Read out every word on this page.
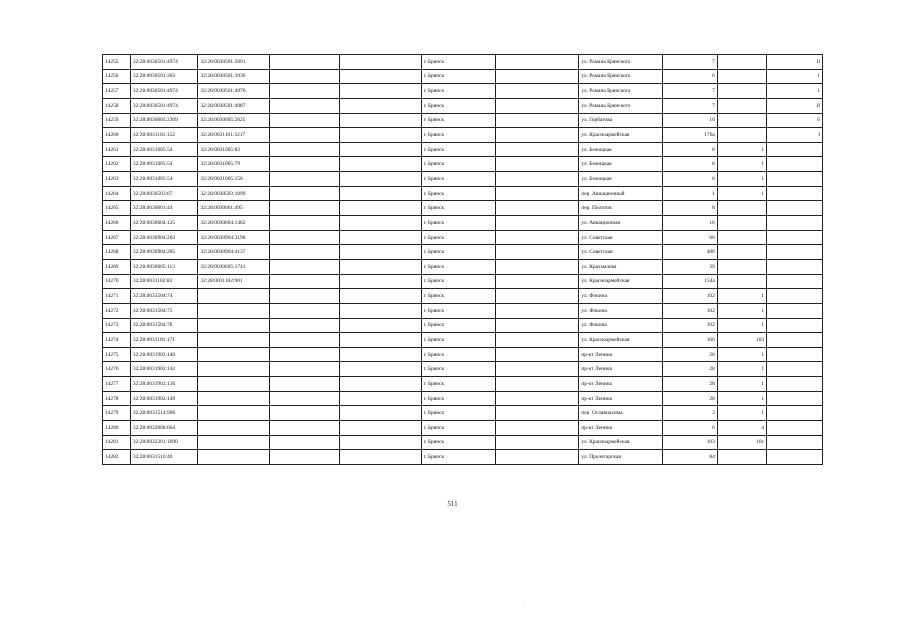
14255	32:28:0030501:4974	32:28:0030501:5001			г. Брянск		ул. Романа Брянского	7		Il
14256	32:28:0030501:303	32:28:0030501:3036			г. Брянск		ул. Романа Брянского	6		1
14257	32:28:0030501:4974	32:28:0030501:4976			г. Брянск		ул. Романа Брянского	7		1
14258	32:28:0030501:4974	32:28:0030501:4987			г. Брянск		ул. Романа Брянского	7		II
14259	32:28:0030605:2309	32:28:0030605:2625			г. Брянск		ул. Горбатова	10		6
14260	32:28:0031101:152	32:28:0031101:3217			г. Брянск		ул. Красноармейская	170а		I
14261	32:28:0031005:54	32:28:0031005:82			г. Брянск		ул. Бежицкая	8	1	
14262	32:28:0031005:54	32:28:0031005:79			г. Брянск		ул. Бежицкая	8	1	
14263	32:28:0031005:54	32:28:0031005:156			г. Брянск		ул. Бежицкая	8	1	
14264	32:28:0030503:67	32:28:0030503:1099			г. Брянск		пер. Авиационный	1	1	
14265	32:28:0030601:44	32:28:0030601:495			г. Брянск		пер. Пилотов	8		
14266	32:28:0030604:125	32:28:0030604:1482			г. Брянск		ул. Авиационная	16		
14267	32:28:0030904:263	32:28:0030904:3196			г. Брянск		ул. Советская	66		
14268	32:28:0030904:285	32:28:0030904:4137			г. Брянск		ул. Советская	48б		
14269	32:28:0030605:113	32:28:0030605:1741			г. Брянск		ул. Крахмалева	39		
14270	32:28:0031102:83	32:28:0031102:901			г. Брянск		ул. Красноармейская	154а		
14271	32:28:0031504:74				г. Брянск		ул. Фокина	102	1	
14272	32:28:0031504:75				г. Брянск		ул. Фокина	102	1	
14273	32:28:0031504:78				г. Брянск		ул. Фокина	102	1	
14274	32:28:0031101:171				г. Брянск		ул. Красноармейская	160	103	
14275	32:28:0031902:140				г. Брянск		пр-кт Ленина	28	1	
14276	32:28:0031902:142				г. Брянск		пр-кт Ленина	28	1	
14277	32:28:0031902:136				г. Брянск		пр-кт Ленина	28	1	
14278	32:28:0031902:149				г. Брянск		пр-кт Ленина	28	1	
14279	32:28:0031514:908				г. Брянск		пер. Осоавиахима	3	1	
14280	32:28:0032008:664				г. Брянск		пр-кт Ленина	6	4	
14281	32:28:0032201:1890				г. Брянск		ул. Красноармейская	103	18с	
14282	32:28:0031510:40				г. Брянск		ул. Пролетарская	84		
511
.
